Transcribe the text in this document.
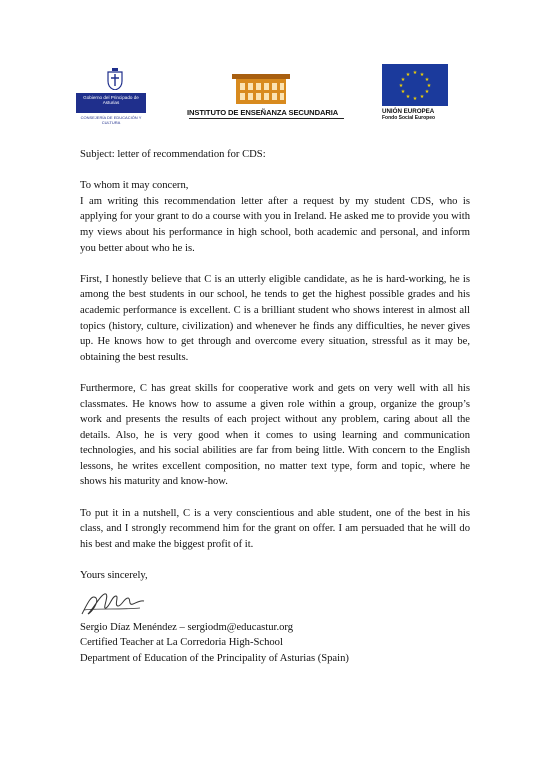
Gobierno del Principado de Asturias
CONSEJERÍA DE EDUCACIÓN Y CULTURA
INSTITUTO DE ENSEÑANZA SECUNDARIA
★ ★
★
★
★
★
★
★
★
★
★
★
UNIÓN EUROPEA
Fondo Social Europeo

Subject: letter of recommendation for CDS:

To whom it may concern,

I am writing this recommendation letter after a request by my student CDS, who is applying for your grant to do a course with you in Ireland. He asked me to provide you with my views about his performance in high school, both academic and personal, and inform you better about who he is.

First, I honestly believe that C is an utterly eligible candidate, as he is hard-working, he is among the best students in our school, he tends to get the highest possible grades and his academic performance is excellent. C is a brilliant student who shows interest in almost all topics (history, culture, civilization) and whenever he finds any difficulties, he never gives up. He knows how to get through and overcome every situation, stressful as it may be, obtaining the best results.

Furthermore, C has great skills for cooperative work and gets on very well with all his classmates. He knows how to assume a given role within a group, organize the group’s work and presents the results of each project without any problem, caring about all the details. Also, he is very good when it comes to using learning and communication technologies, and his social abilities are far from being little. With concern to the English lessons, he writes excellent composition, no matter text type, form and topic, where he shows his maturity and know-how.

To put it in a nutshell, C is a very conscientious and able student, one of the best in his class, and I strongly recommend him for the grant on offer. I am persuaded that he will do his best and make the biggest profit of it.

Yours sincerely,

Sergio Díaz Menéndez – sergiodm@educastur.org

Certified Teacher at La Corredoria High-School

Department of Education of the Principality of Asturias (Spain)
